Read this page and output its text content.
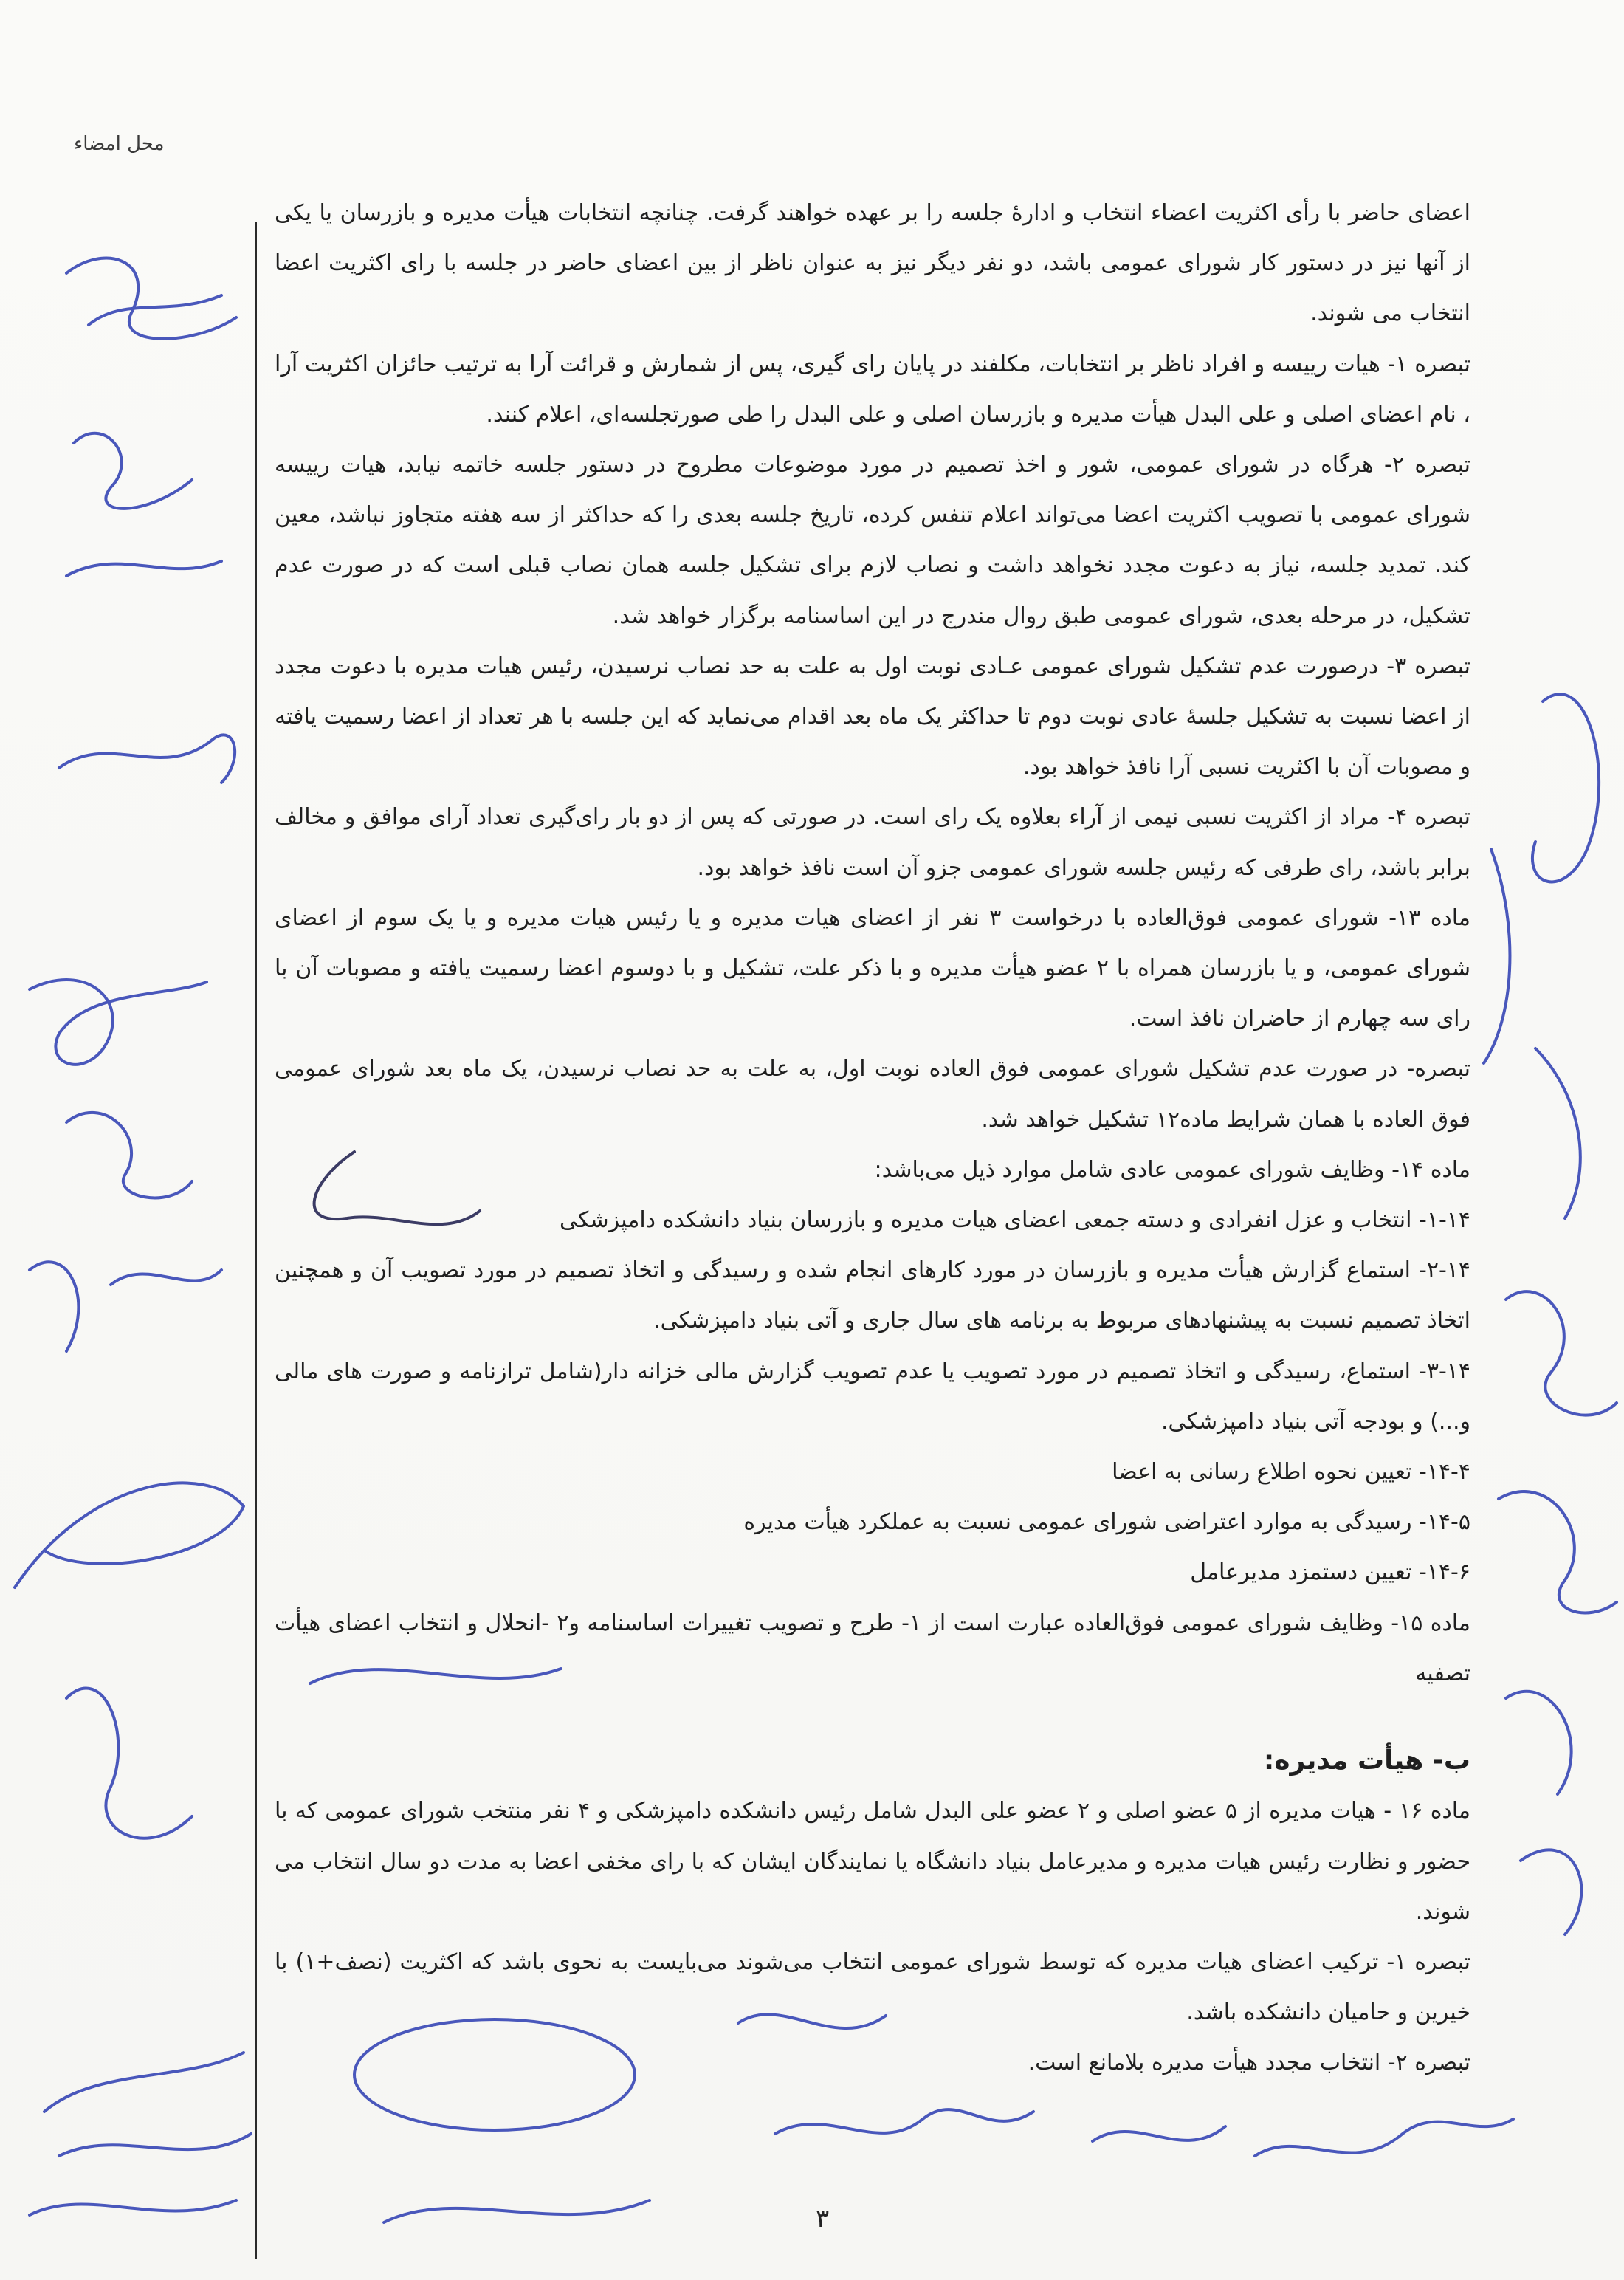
محل امضاء

اعضای حاضر با رأی اکثریت اعضاء انتخاب و ادارهٔ جلسه را بر عهده خواهند گرفت. چنانچه انتخابات هیأت مدیره و بازرسان یا یکی از آنها نیز در دستور کار شورای عمومی باشد، دو نفر دیگر نیز به عنوان ناظر از بین اعضای حاضر در جلسه با رای اکثریت اعضا انتخاب می شوند.

تبصره ۱- هیات رییسه و افراد ناظر بر انتخابات، مکلفند در پایان رای گیری، پس از شمارش و قرائت آرا به ترتیب حائزان اکثریت آرا ، نام اعضای اصلی و علی البدل هیأت مدیره و بازرسان اصلی و علی البدل را طی صورتجلسه‌ای، اعلام کنند.

تبصره ۲- هرگاه در شورای عمومی، شور و اخذ تصمیم در مورد موضوعات مطروح در دستور جلسه خاتمه نیابد، هیات رییسه شورای عمومی با تصویب اکثریت اعضا می‌تواند اعلام تنفس کرده، تاریخ جلسه بعدی را که حداکثر از سه هفته متجاوز نباشد، معین کند. تمدید جلسه، نیاز به دعوت مجدد نخواهد داشت و نصاب لازم برای تشکیل جلسه همان نصاب قبلی است که در صورت عدم تشکیل، در مرحله بعدی، شورای عمومی طبق روال مندرج در این اساسنامه برگزار خواهد شد.

تبصره ۳- درصورت عدم تشکیل شورای عمومی عـادی نوبت اول به علت به حد نصاب نرسیدن، رئیس هیات مدیره با دعوت مجدد از اعضا نسبت به تشکیل جلسهٔ عادی نوبت دوم تا حداکثر یک ماه بعد اقدام می‌نماید که این جلسه با هر تعداد از اعضا رسمیت یافته و مصوبات آن با اکثریت نسبی آرا نافذ خواهد بود.

تبصره ۴- مراد از اکثریت نسبی نیمی از آراء بعلاوه یک رای است. در صورتی که پس از دو بار رای‌گیری تعداد آرای موافق و مخالف برابر باشد، رای طرفی که رئیس جلسه شورای عمومی جزو آن است نافذ خواهد بود.

ماده ۱۳- شورای عمومی فوق‌العاده با درخواست ۳ نفر از اعضای هیات مدیره و یا رئیس هیات مدیره و یا یک سوم از اعضای شورای عمومی، و یا بازرسان همراه با ۲ عضو هیأت مدیره و با ذکر علت، تشکیل و با دوسوم اعضا رسمیت یافته و مصوبات آن با رای سه چهارم از حاضران نافذ است.

تبصره- در صورت عدم تشکیل شورای عمومی فوق العاده نوبت اول، به علت به حد نصاب نرسیدن، یک ماه بعد شورای عمومی فوق العاده با همان شرایط ماده۱۲ تشکیل خواهد شد.

ماده ۱۴- وظایف شورای عمومی عادی شامل موارد ذیل می‌باشد:

۱-۱۴- انتخاب و عزل انفرادی و دسته جمعی اعضای هیات مدیره و بازرسان بنیاد دانشکده دامپزشکی

۲-۱۴- استماع گزارش هیأت مدیره و بازرسان در مورد کارهای انجام شده و رسیدگی و اتخاذ تصمیم در مورد تصویب آن و همچنین اتخاذ تصمیم نسبت به پیشنهادهای مربوط به برنامه های سال جاری و آتی بنیاد دامپزشکی.

۳-۱۴- استماع، رسیدگی و اتخاذ تصمیم در مورد تصویب یا عدم تصویب گزارش مالی خزانه دار(شامل ترازنامه و صورت های مالی و...) و بودجه آتی بنیاد دامپزشکی.

۱۴-۴- تعیین نحوه اطلاع رسانی به اعضا

۱۴-۵- رسیدگی به موارد اعتراضی شورای عمومی نسبت به عملکرد هیأت مدیره

۱۴-۶- تعیین دستمزد مدیرعامل

ماده ۱۵- وظایف شورای عمومی فوق‌العاده عبارت است از ۱- طرح و تصویب تغییرات اساسنامه و۲ -انحلال و انتخاب اعضای هیأت تصفیه

ب- هیأت مدیره:

ماده ۱۶ - هیات مدیره از ۵ عضو اصلی و ۲ عضو علی البدل شامل رئیس دانشکده دامپزشکی و ۴ نفر منتخب شورای عمومی که با حضور و نظارت رئیس هیات مدیره و مدیرعامل بنیاد دانشگاه یا نمایندگان ایشان که با رای مخفی اعضا به مدت دو سال انتخاب می شوند.

تبصره ۱- ترکیب اعضای هیات مدیره که توسط شورای عمومی انتخاب می‌شوند می‌بایست به نحوی باشد که اکثریت (نصف+۱) با خیرین و حامیان دانشکده باشد.

تبصره ۲- انتخاب مجدد هیأت مدیره بلامانع است.

۳
